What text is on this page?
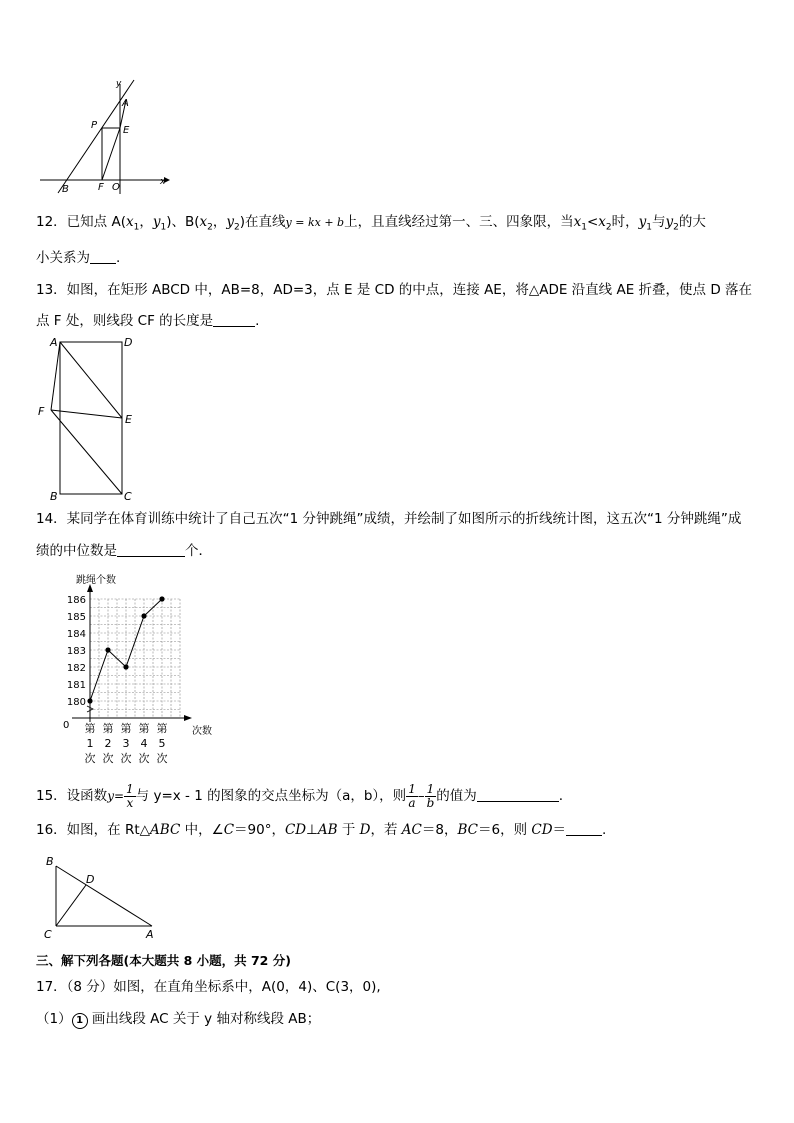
A
P	E
B	F O	x
y
12．已知点 $A(x_1$，$y_1$)、$B(x_2$，$y_2$)在直线y = kx + b上，且直线经过第一、三、四象限，当$x_1<x_2$时，$y_1$与$y_2$的大
小关系为 .
13．如图，在矩形 ABCD 中，AB=8，AD=3，点 E 是 CD 的中点，连接 AE，将△ADE 沿直线 AE 折叠，使点 D 落在
点 F 处，则线段 CF 的长度是	.
A	D
F
E
B	C
14．某同学在体育训练中统计了自己五次“1 分钟跳绳”成绩，并绘制了如图所示的折线统计图，这五次“1 分钟跳绳”成
绩的中位数是	个．
180
181
182
183
184
185
186
第
1
次
第
2
次
第
3
次
第
4
次
第
5
次
跳绳个数
次数
0
15．设函数$y= \frac{1}{x}$ 与 y=x - 1 的图象的交点坐标为（a，b），则 $\frac{1}{a} - \frac{1}{b}$ 的值为	.
16．如图，在 Rt△ABC 中，∠C＝90°，CD⊥AB 于 D，若 AC＝8，BC＝6，则 CD＝	.
B
D
C	A
三、解下列各题(本大题共 8 小题，共 72 分)
17．（8 分）如图，在直角坐标系中，A(0，4)、C(3，0),
（1） 1 画出线段 AC 关于 y 轴对称线段 AB；
